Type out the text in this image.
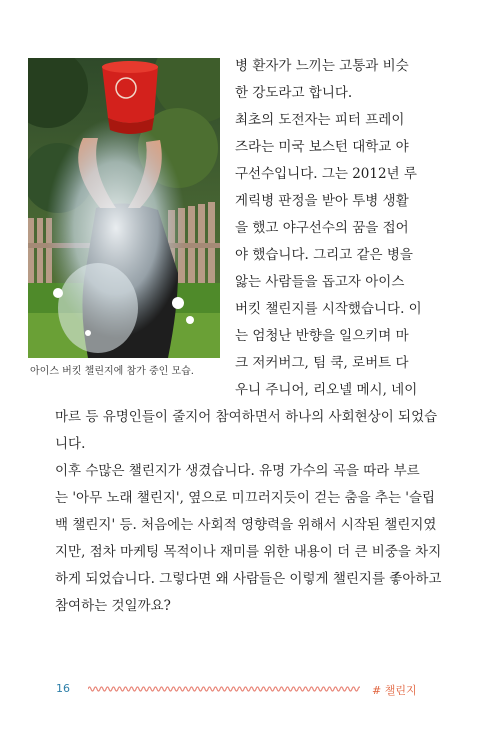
아이스 버킷 챌린지에 참가 중인 모습.
병 환자가 느끼는 고통과 비슷
한 강도라고 합니다.
최초의 도전자는 피터 프레이
즈라는 미국 보스턴 대학교 야
구선수입니다. 그는 2012년 루
게릭병 판정을 받아 투병 생활
을 했고 야구선수의 꿈을 접어
야 했습니다. 그리고 같은 병을
앓는 사람들을 돕고자 아이스
버킷 챌린지를 시작했습니다. 이
는 엄청난 반향을 일으키며 마
크 저커버그, 팀 쿡, 로버트 다
우니 주니어, 리오넬 메시, 네이
마르 등 유명인들이 줄지어 참여하면서 하나의 사회현상이 되었습
니다.
이후 수많은 챌린지가 생겼습니다. 유명 가수의 곡을 따라 부르
는 '아무 노래 챌린지', 옆으로 미끄러지듯이 걷는 춤을 추는 '슬립
백 챌린지' 등. 처음에는 사회적 영향력을 위해서 시작된 챌린지였
지만, 점차 마케팅 목적이나 재미를 위한 내용이 더 큰 비중을 차지
하게 되었습니다. 그렇다면 왜 사람들은 이렇게 챌린지를 좋아하고
참여하는 것일까요?
16	# 챌린지
